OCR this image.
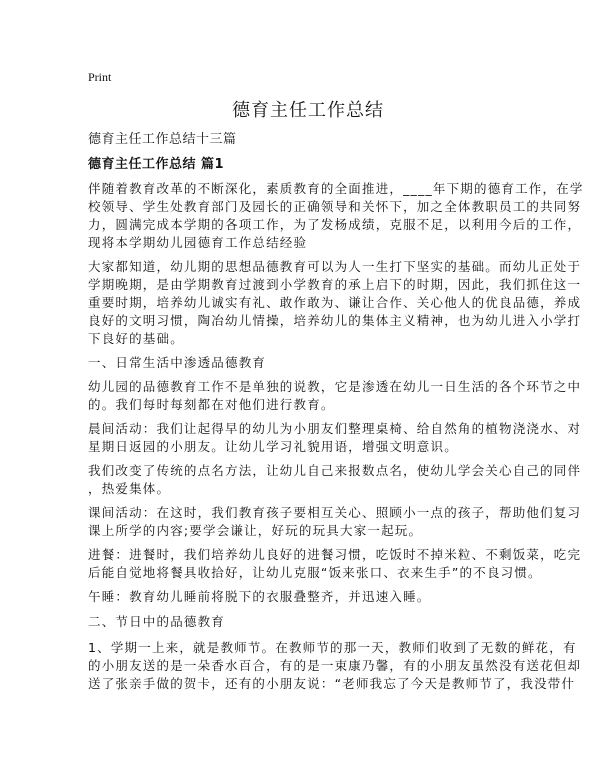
Print
德育主任工作总结
德育主任工作总结十三篇
德育主任工作总结 篇1

伴随着教育改革的不断深化，素质教育的全面推进，____年下期的德育工作，在学
校领导、学生处教育部门及园长的正确领导和关怀下，加之全体教职员工的共同努
力，圆满完成本学期的各项工作，为了发杨成绩，克服不足，以利用今后的工作，
现将本学期幼儿园德育工作总结经验

大家都知道，幼儿期的思想品德教育可以为人一生打下坚实的基础。而幼儿正处于
学期晚期，是由学期教育过渡到小学教育的承上启下的时期，因此，我们抓住这一
重要时期，培养幼儿诚实有礼、敢作敢为、谦让合作、关心他人的优良品德，养成
良好的文明习惯，陶冶幼儿情操，培养幼儿的集体主义精神，也为幼儿进入小学打
下良好的基础。

一、日常生活中渗透品德教育

幼儿园的品德教育工作不是单独的说教，它是渗透在幼儿一日生活的各个环节之中
的。我们每时每刻都在对他们进行教育。

晨间活动：我们让起得早的幼儿为小朋友们整理桌椅、给自然角的植物浇浇水、对
星期日返园的小朋友。让幼儿学习礼貌用语，增强文明意识。

我们改变了传统的点名方法，让幼儿自己来报数点名，使幼儿学会关心自己的同伴
，热爱集体。

课间活动：在这时，我们教育孩子要相互关心、照顾小一点的孩子，帮助他们复习
课上所学的内容;要学会谦让，好玩的玩具大家一起玩。

进餐：进餐时，我们培养幼儿良好的进餐习惯，吃饭时不掉米粒、不剩饭菜，吃完
后能自觉地将餐具收拾好，让幼儿克服“饭来张口、衣来生手”的不良习惯。

午睡：教育幼儿睡前将脱下的衣服叠整齐，并迅速入睡。

二、节日中的品德教育

1、学期一上来，就是教师节。在教师节的那一天，教师们收到了无数的鲜花，有
的小朋友送的是一朵香水百合，有的是一束康乃馨，有的小朋友虽然没有送花但却
送了张亲手做的贺卡，还有的小朋友说：“老师我忘了今天是教师节了，我没带什
